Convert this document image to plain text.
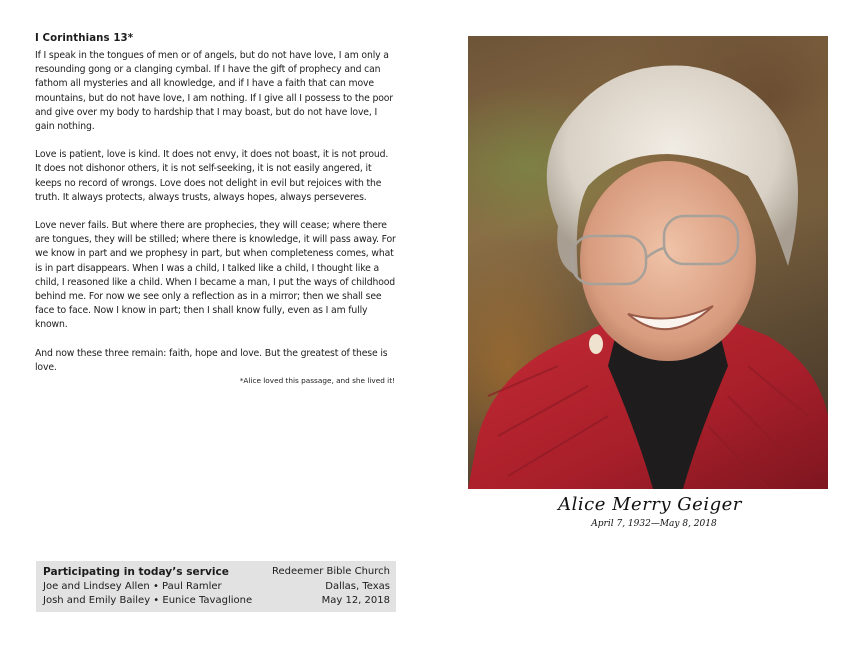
I Corinthians 13*

If I speak in the tongues of men or of angels, but do not have love, I am only a resounding gong or a clanging cymbal. If I have the gift of prophecy and can fathom all mysteries and all knowledge, and if I have a faith that can move mountains, but do not have love, I am nothing. If I give all I possess to the poor and give over my body to hardship that I may boast, but do not have love, I gain nothing.

Love is patient, love is kind. It does not envy, it does not boast, it is not proud. It does not dishonor others, it is not self-seeking, it is not easily angered, it keeps no record of wrongs. Love does not delight in evil but rejoices with the truth. It always protects, always trusts, always hopes, always perseveres.

Love never fails. But where there are prophecies, they will cease; where there are tongues, they will be stilled; where there is knowledge, it will pass away. For we know in part and we prophesy in part, but when completeness comes, what is in part disappears. When I was a child, I talked like a child, I thought like a child, I reasoned like a child. When I became a man, I put the ways of childhood behind me. For now we see only a reflection as in a mirror; then we shall see face to face. Now I know in part; then I shall know fully, even as I am fully known.

And now these three remain: faith, hope and love. But the greatest of these is love.

*Alice loved this passage, and she lived it!
Participating in today’s service	Redeemer Bible Church
Joe and Lindsey Allen • Paul Ramler	Dallas, Texas
Josh and Emily Bailey • Eunice Tavaglione	May 12, 2018
Alice Merry Geiger
April 7, 1932—May 8, 2018
